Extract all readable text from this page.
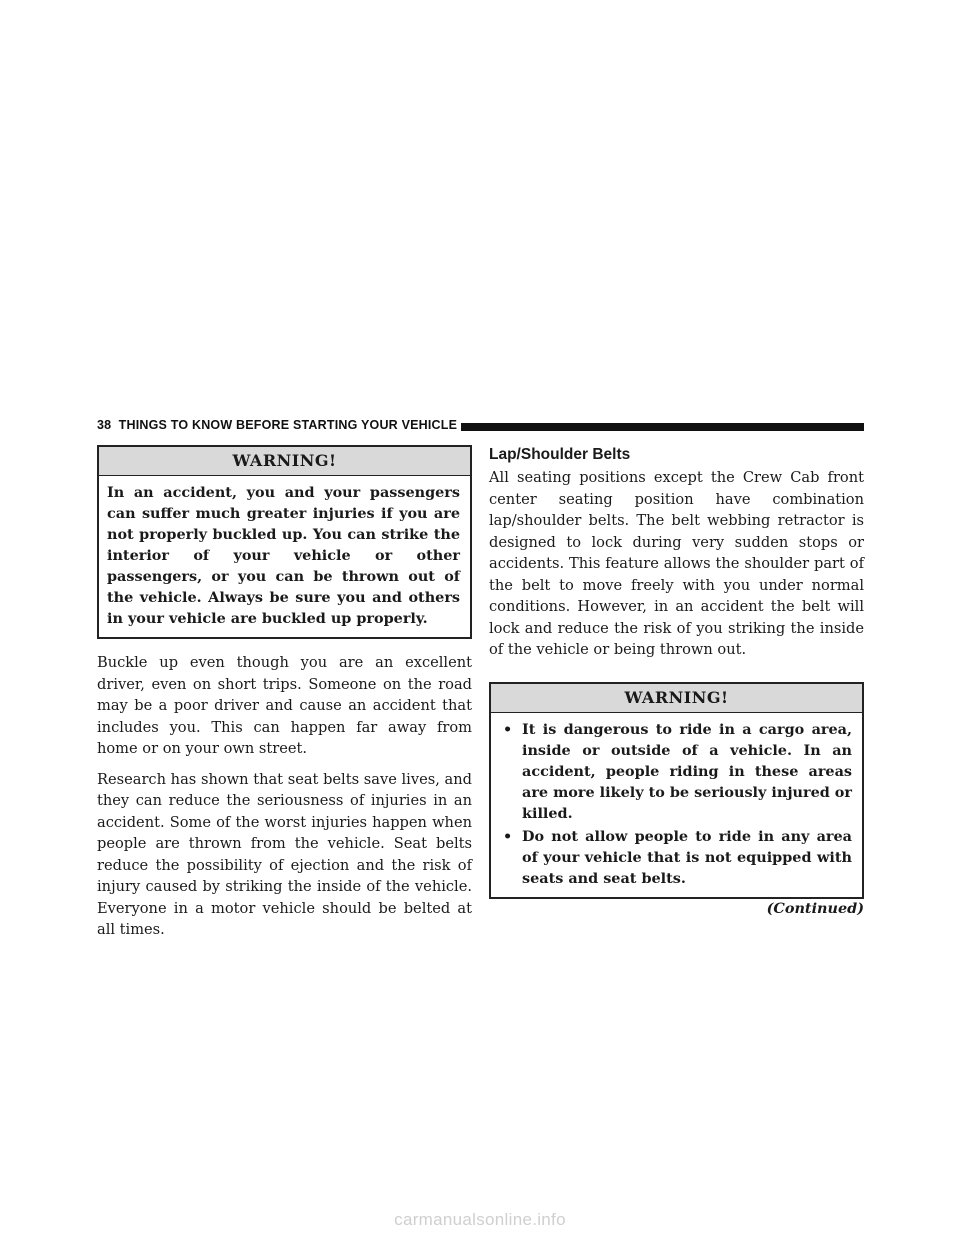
38 THINGS TO KNOW BEFORE STARTING YOUR VEHICLE
WARNING!
In an accident, you and your passengers can suffer much greater injuries if you are not properly buckled up. You can strike the interior of your vehicle or other passengers, or you can be thrown out of the vehicle. Always be sure you and others in your vehicle are buckled up properly.

Buckle up even though you are an excellent driver, even on short trips. Someone on the road may be a poor driver and cause an accident that includes you. This can happen far away from home or on your own street.

Research has shown that seat belts save lives, and they can reduce the seriousness of injuries in an accident. Some of the worst injuries happen when people are thrown from the vehicle. Seat belts reduce the possibility of ejection and the risk of injury caused by striking the inside of the vehicle. Everyone in a motor vehicle should be belted at all times.

Lap/Shoulder Belts

All seating positions except the Crew Cab front center seating position have combination lap/shoulder belts. The belt webbing retractor is designed to lock during very sudden stops or accidents. This feature allows the shoulder part of the belt to move freely with you under normal conditions. However, in an accident the belt will lock and reduce the risk of you striking the inside of the vehicle or being thrown out.

WARNING!
• It is dangerous to ride in a cargo area, inside or outside of a vehicle. In an accident, people riding in these areas are more likely to be seriously injured or killed.
• Do not allow people to ride in any area of your vehicle that is not equipped with seats and seat belts.
(Continued)
carmanualsonline.info
